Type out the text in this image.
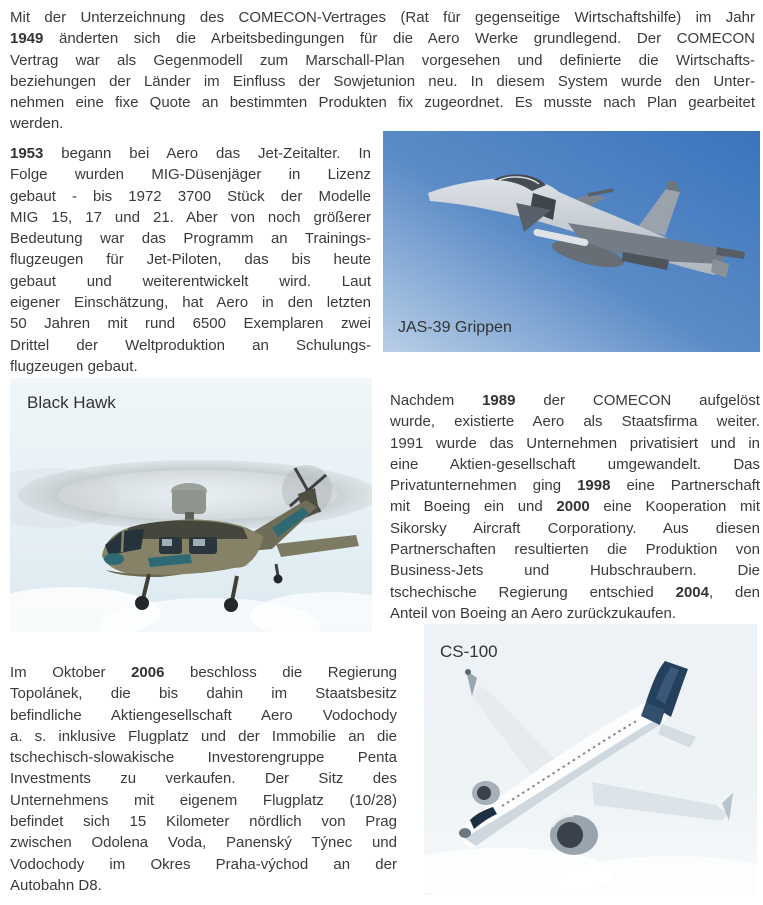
Mit der Unterzeichnung des COMECON-Vertrages (Rat für gegenseitige Wirtschaftshilfe) im Jahr
1949 änderten sich die Arbeitsbedingungen für die Aero Werke grundlegend. Der COMECON
Vertrag war als Gegenmodell zum Marschall-Plan vorgesehen und definierte die Wirtschafts-
beziehungen der Länder im Einfluss der Sowjetunion neu. In diesem System wurde den Unter-
nehmen eine fixe Quote an bestimmten Produkten fix zugeordnet. Es musste nach Plan gearbeitet
werden.
JAS-39 Grippen
1953 begann bei Aero das Jet-Zeitalter. In
Folge wurden MIG-Düsenjäger in Lizenz
gebaut - bis 1972 3700 Stück der Modelle
MIG 15, 17 und 21. Aber von noch größerer
Bedeutung war das Programm an Trainings-
flugzeugen für Jet-Piloten, das bis heute
gebaut und weiterentwickelt wird. Laut
eigener Einschätzung, hat Aero in den letzten
50 Jahren mit rund 6500 Exemplaren zwei
Drittel der Weltproduktion an Schulungs-
flugzeugen gebaut.
Black Hawk	Nachdem 1989 der COMECON aufgelöst
wurde, existierte Aero als Staatsfirma weiter.
1991 wurde das Unternehmen privatisiert und in
eine Aktien-gesellschaft umgewandelt. Das
Privatunternehmen ging 1998 eine Partnerschaft
mit Boeing ein und 2000 eine Kooperation mit
Sikorsky Aircraft Corporationy. Aus diesen
Partnerschaften resultierten die Produktion von
Business-Jets und Hubschraubern. Die
tschechische Regierung entschied 2004, den
Anteil von Boeing an Aero zurückzukaufen.
CS-100
Im Oktober 2006 beschloss die Regierung
Topolánek, die bis dahin im Staatsbesitz
befindliche Aktiengesellschaft Aero Vodochody
a. s. inklusive Flugplatz und der Immobilie an die
tschechisch-slowakische Investorengruppe Penta
Investments zu verkaufen. Der Sitz des
Unternehmens mit eigenem Flugplatz (10/28)
befindet sich 15 Kilometer nördlich von Prag
zwischen Odolena Voda, Panenský Týnec und
Vodochody im Okres Praha-východ an der
Autobahn D8.
